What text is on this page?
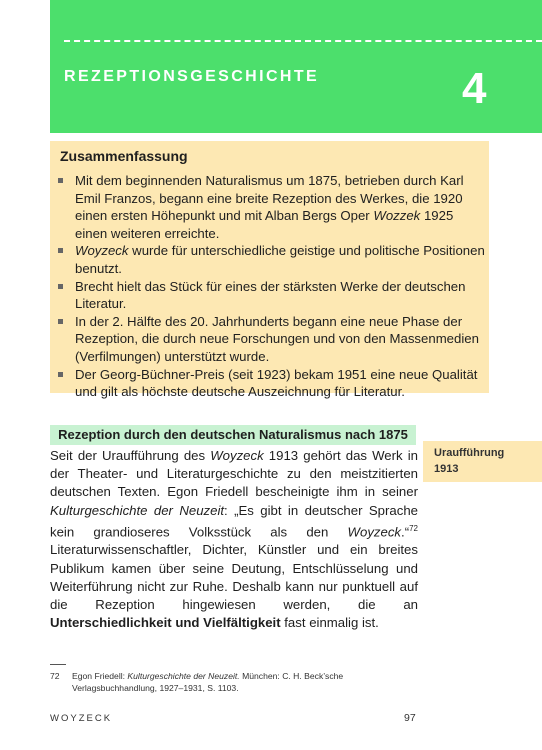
REZEPTIONSGESCHICHTE	4
Zusammenfassung
Mit dem beginnenden Naturalismus um 1875, betrieben durch Karl Emil Franzos, begann eine breite Rezeption des Werkes, die 1920 einen ersten Höhepunkt und mit Alban Bergs Oper Wozzek 1925 einen weiteren erreichte.
Woyzeck wurde für unterschiedliche geistige und politische Positionen benutzt.
Brecht hielt das Stück für eines der stärksten Werke der deutschen Literatur.
In der 2. Hälfte des 20. Jahrhunderts begann eine neue Phase der Rezeption, die durch neue Forschungen und von den Massenmedien (Verfilmungen) unterstützt wurde.
Der Georg-Büchner-Preis (seit 1923) bekam 1951 eine neue Qualität und gilt als höchste deutsche Auszeichnung für Literatur.
Rezeption durch den deutschen Naturalismus nach 1875
Uraufführung
1913

Seit der Uraufführung des Woyzeck 1913 gehört das Werk in der Theater- und Literaturgeschichte zu den meistzitierten deutschen Texten. Egon Friedell bescheinigte ihm in seiner Kulturgeschichte der Neuzeit: „Es gibt in deutscher Sprache kein grandioseres Volksstück als den Woyzeck.“$^{72}$ Literaturwissenschaftler, Dichter, Künstler und ein breites Publikum kamen über seine Deutung, Entschlüsselung und Weiterführung nicht zur Ruhe. Deshalb kann nur punktuell auf die Rezeption hingewiesen werden, die an Unterschiedlichkeit und Vielfältigkeit fast einmalig ist.

72 Egon Friedell: Kulturgeschichte der Neuzeit. München: C. H. Beck’sche Verlagsbuchhandlung, 1927–1931, S. 1103.
WOYZECK	97
